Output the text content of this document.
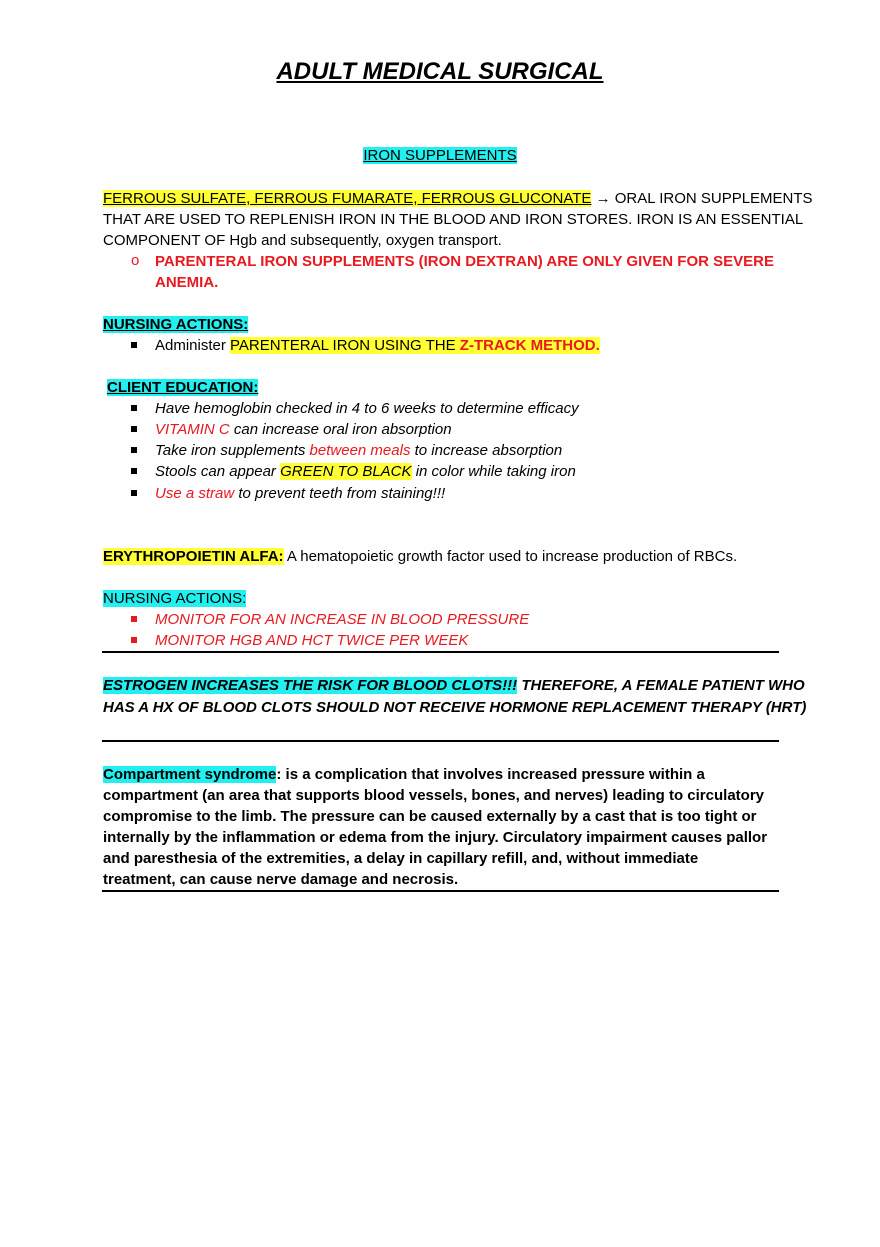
ADULT MEDICAL SURGICAL
IRON SUPPLEMENTS
FERROUS SULFATE, FERROUS FUMARATE, FERROUS GLUCONATE → ORAL IRON SUPPLEMENTS
THAT ARE USED TO REPLENISH IRON IN THE BLOOD AND IRON STORES. IRON IS AN ESSENTIAL
COMPONENT OF Hgb and subsequently, oxygen transport.
o PARENTERAL IRON SUPPLEMENTS (IRON DEXTRAN) ARE ONLY GIVEN FOR SEVERE
ANEMIA.
NURSING ACTIONS:
Administer PARENTERAL IRON USING THE Z-TRACK METHOD.
CLIENT EDUCATION:
Have hemoglobin checked in 4 to 6 weeks to determine efficacy
VITAMIN C can increase oral iron absorption
Take iron supplements between meals to increase absorption
Stools can appear GREEN TO BLACK in color while taking iron
Use a straw to prevent teeth from staining!!!
ERYTHROPOIETIN ALFA: A hematopoietic growth factor used to increase production of RBCs.
NURSING ACTIONS:
MONITOR FOR AN INCREASE IN BLOOD PRESSURE
MONITOR HGB AND HCT TWICE PER WEEK
ESTROGEN INCREASES THE RISK FOR BLOOD CLOTS!!! THEREFORE, A FEMALE PATIENT WHO
HAS A HX OF BLOOD CLOTS SHOULD NOT RECEIVE HORMONE REPLACEMENT THERAPY (HRT)
Compartment syndrome: is a complication that involves increased pressure within a compartment (an area that supports blood vessels, bones, and nerves) leading to circulatory compromise to the limb. The pressure can be caused externally by a cast that is too tight or internally by the inflammation or edema from the injury. Circulatory impairment causes pallor and paresthesia of the extremities, a delay in capillary refill, and, without immediate treatment, can cause nerve damage and necrosis.
